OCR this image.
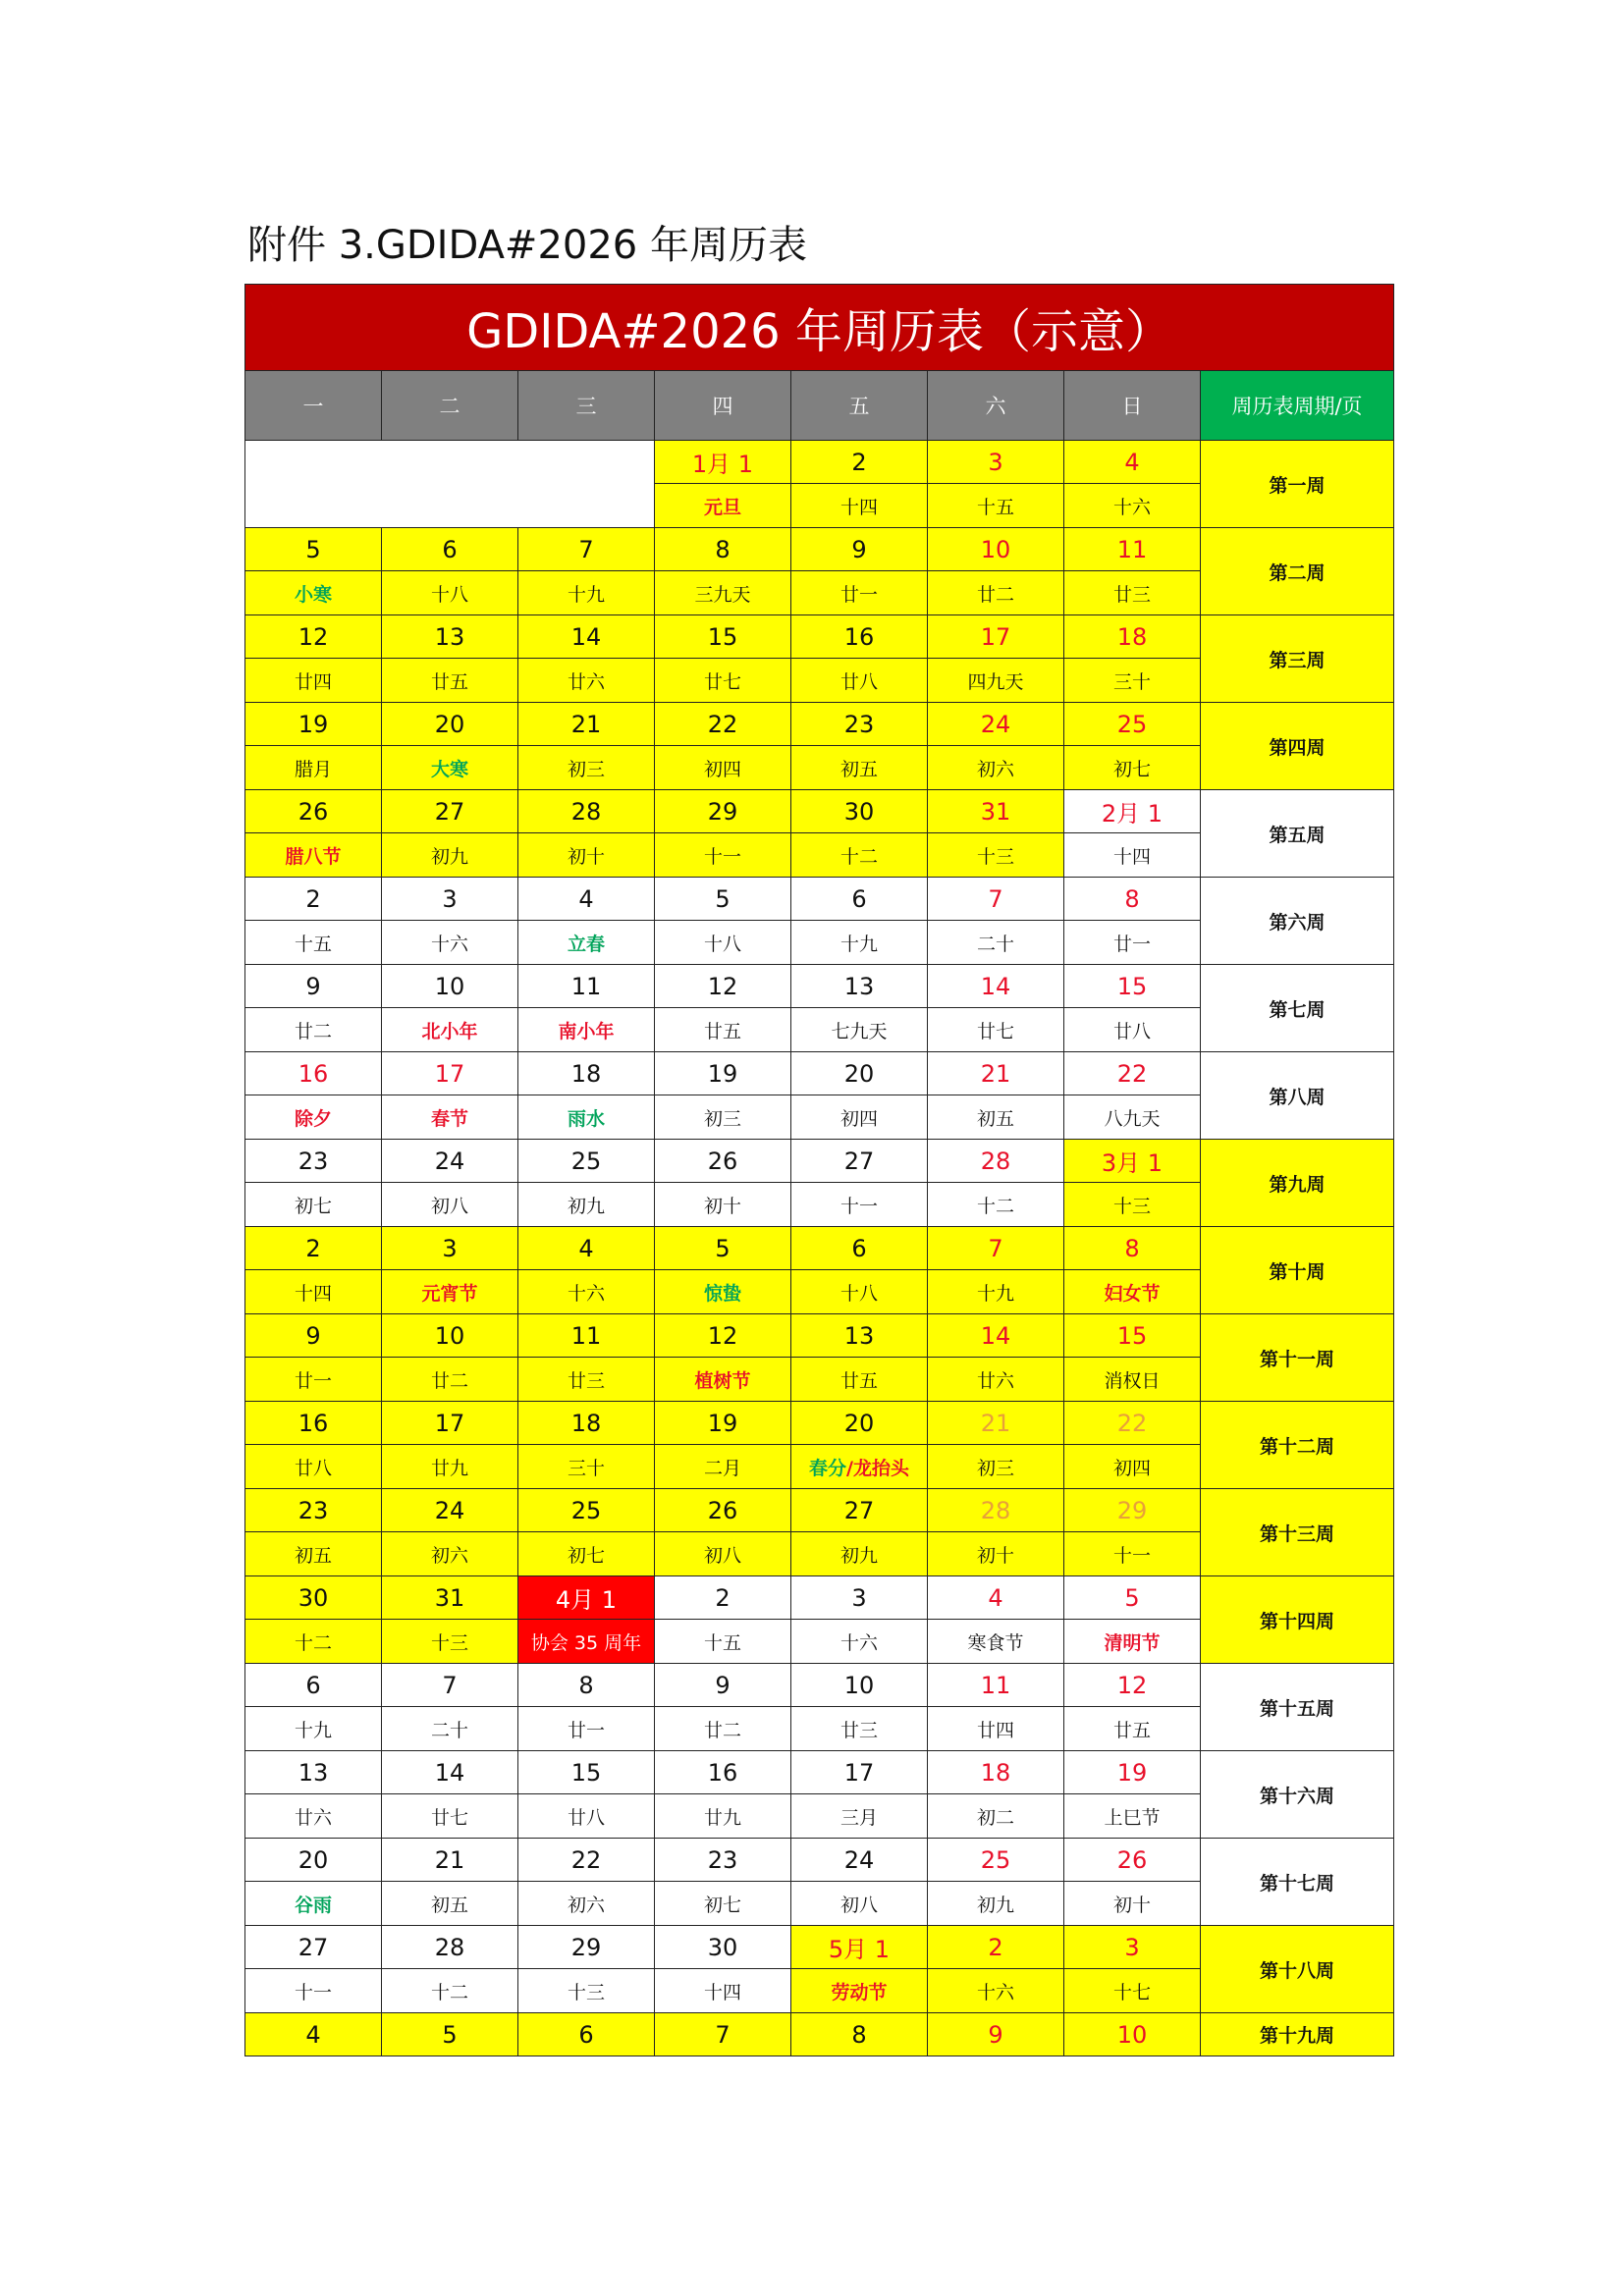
附件 3.GDIDA#2026 年周历表
GDIDA#2026 年周历表（示意）							
一	二	三	四	五	六	日	周历表周期/页
			1月 1	2	3	4	第一周
			元旦	十四	十五	十六	
5	6	7	8	9	10	11	第二周
小寒	十八	十九	三九天	廿一	廿二	廿三	
12	13	14	15	16	17	18	第三周
廿四	廿五	廿六	廿七	廿八	四九天	三十	
19	20	21	22	23	24	25	第四周
腊月	大寒	初三	初四	初五	初六	初七	
26	27	28	29	30	31	2月 1	第五周
腊八节	初九	初十	十一	十二	十三	十四	
2	3	4	5	6	7	8	第六周
十五	十六	立春	十八	十九	二十	廿一	
9	10	11	12	13	14	15	第七周
廿二	北小年	南小年	廿五	七九天	廿七	廿八	
16	17	18	19	20	21	22	第八周
除夕	春节	雨水	初三	初四	初五	八九天	
23	24	25	26	27	28	3月 1	第九周
初七	初八	初九	初十	十一	十二	十三	
2	3	4	5	6	7	8	第十周
十四	元宵节	十六	惊蛰	十八	十九	妇女节	
9	10	11	12	13	14	15	第十一周
廿一	廿二	廿三	植树节	廿五	廿六	消权日	
16	17	18	19	20	21	22	第十二周
廿八	廿九	三十	二月	春分/龙抬头	初三	初四	
23	24	25	26	27	28	29	第十三周
初五	初六	初七	初八	初九	初十	十一	
30	31	4月 1	2	3	4	5	第十四周
十二	十三	协会 35 周年	十五	十六	寒食节	清明节	
6	7	8	9	10	11	12	第十五周
十九	二十	廿一	廿二	廿三	廿四	廿五	
13	14	15	16	17	18	19	第十六周
廿六	廿七	廿八	廿九	三月	初二	上巳节	
20	21	22	23	24	25	26	第十七周
谷雨	初五	初六	初七	初八	初九	初十	
27	28	29	30	5月 1	2	3	第十八周
十一	十二	十三	十四	劳动节	十六	十七	
4	5	6	7	8	9	10	第十九周
